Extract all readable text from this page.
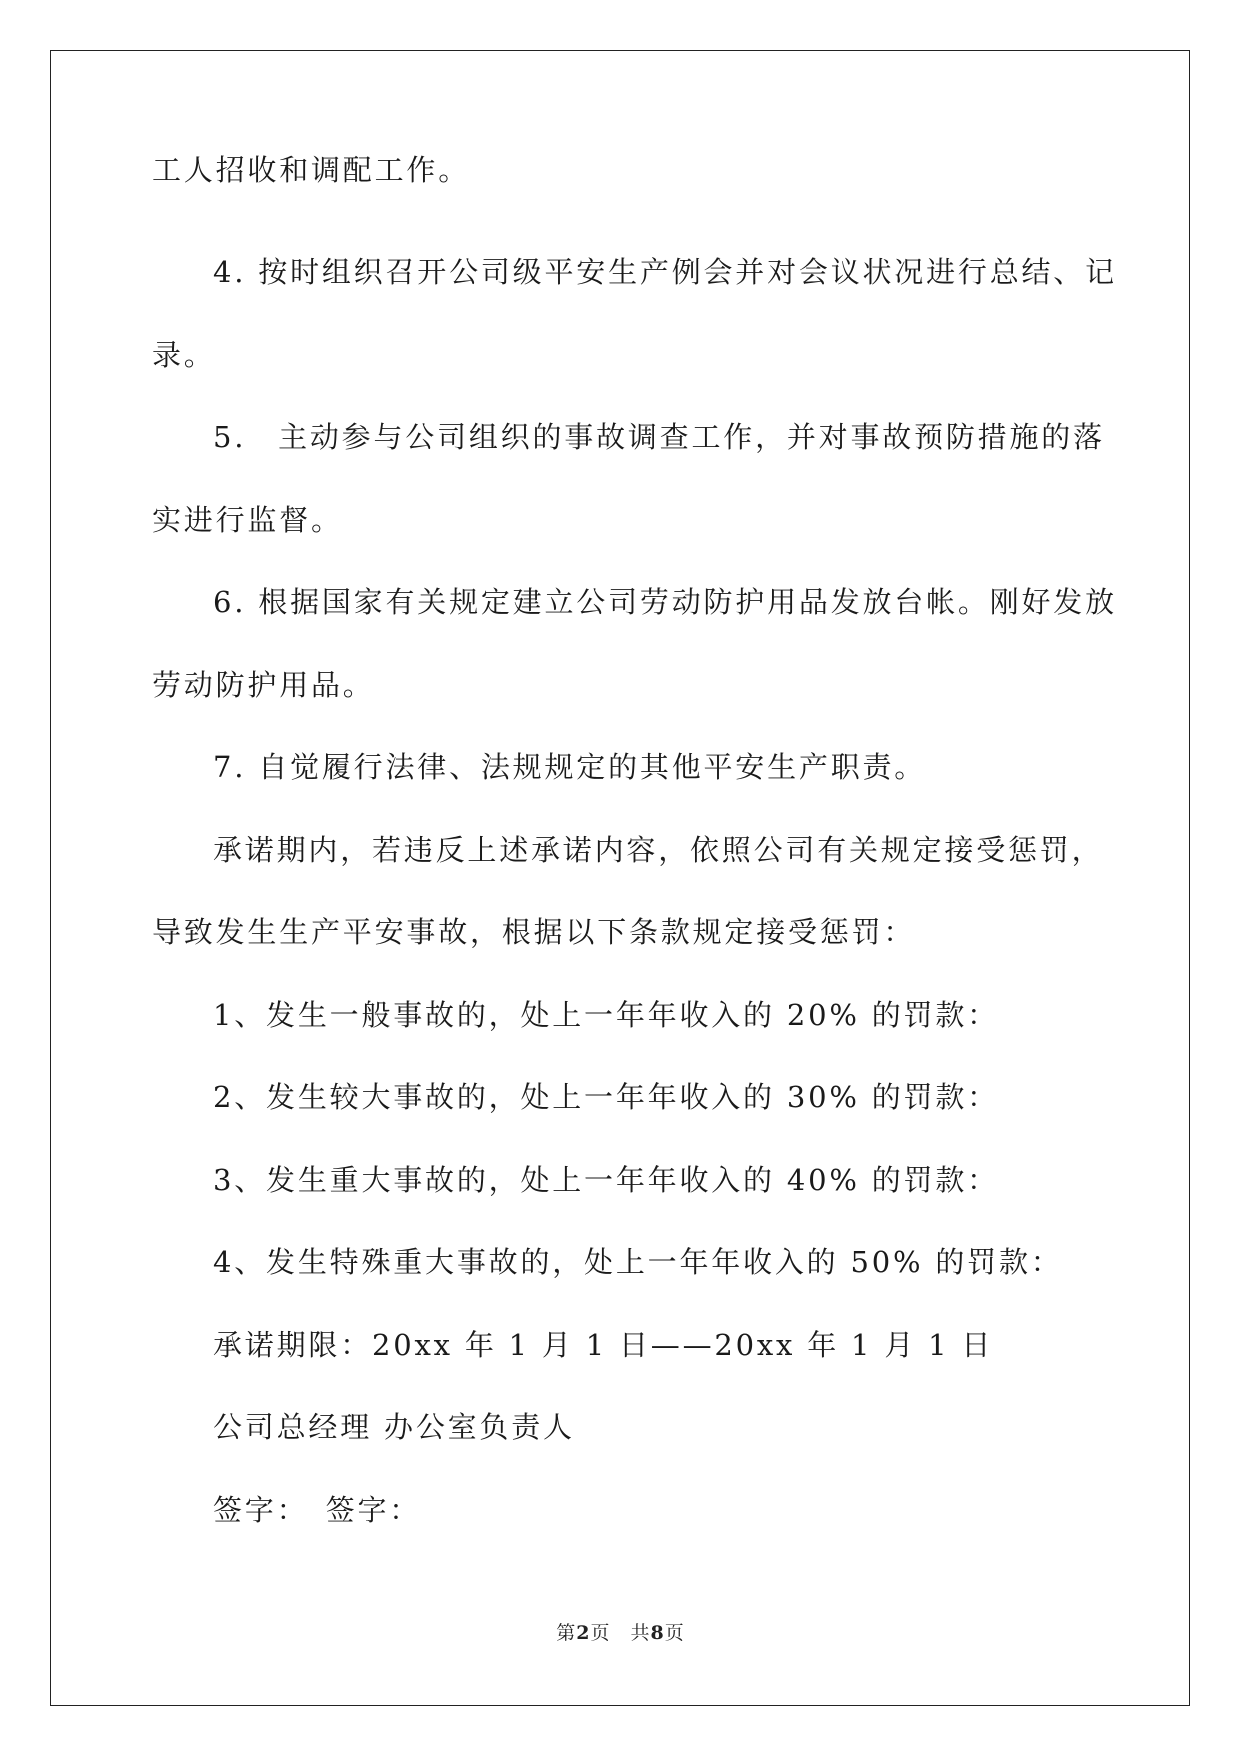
工人招收和调配工作。
4. 按时组织召开公司级平安生产例会并对会议状况进行总结、记
录。
5.　主动参与公司组织的事故调查工作，并对事故预防措施的落
实进行监督。
6. 根据国家有关规定建立公司劳动防护用品发放台帐。刚好发放
劳动防护用品。
7. 自觉履行法律、法规规定的其他平安生产职责。
承诺期内，若违反上述承诺内容，依照公司有关规定接受惩罚，
导致发生生产平安事故，根据以下条款规定接受惩罚：
1、发生一般事故的，处上一年年收入的 20% 的罚款：
2、发生较大事故的，处上一年年收入的 30% 的罚款：
3、发生重大事故的，处上一年年收入的 40% 的罚款：
4、发生特殊重大事故的，处上一年年收入的 50% 的罚款：
承诺期限：20xx 年 1 月 1 日——20xx 年 1 月 1 日
公司总经理 办公室负责人
签字：　签字：
第2页　共8页
